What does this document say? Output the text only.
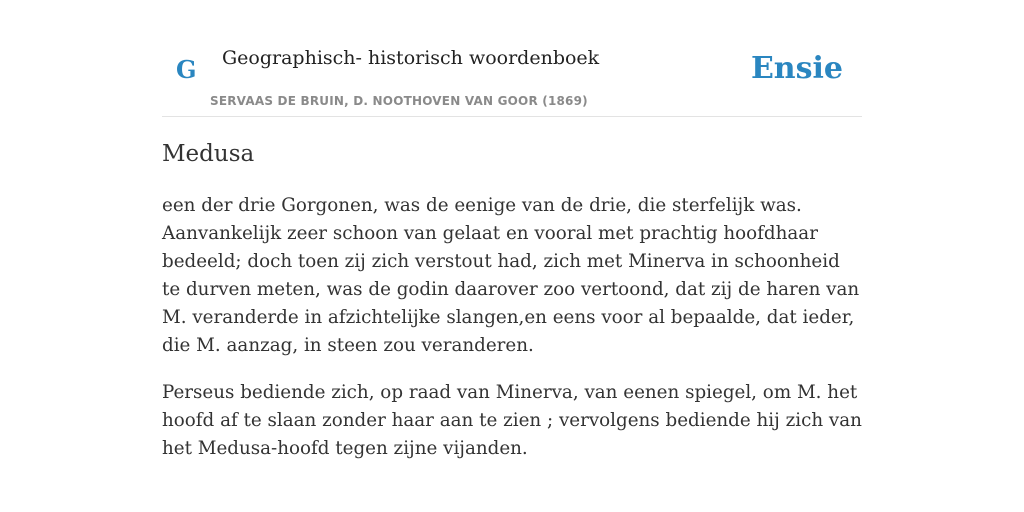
G Geographisch- historisch woordenboek
SERVAAS DE BRUIN, D. NOOTHOVEN VAN GOOR (1869)
Ensie
Medusa

een der drie Gorgonen, was de eenige van de drie, die sterfelijk was. Aanvankelijk zeer schoon van gelaat en vooral met prachtig hoofdhaar bedeeld; doch toen zij zich verstout had, zich met Minerva in schoonheid te durven meten, was de godin daarover zoo vertoond, dat zij de haren van M. veranderde in afzichtelijke slangen,en eens voor al bepaalde, dat ieder, die M. aanzag, in steen zou veranderen.

Perseus bediende zich, op raad van Minerva, van eenen spiegel, om M. het hoofd af te slaan zonder haar aan te zien ; vervolgens bediende hij zich van het Medusa-hoofd tegen zijne vijanden.
